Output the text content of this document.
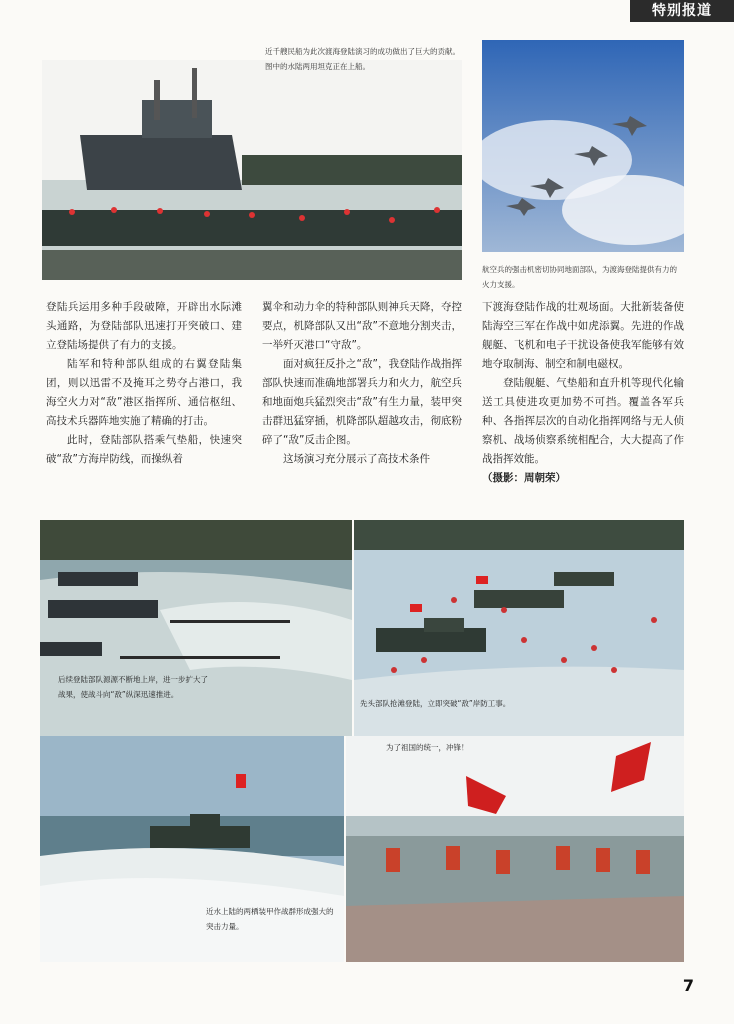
特别报道
近千艘民船为此次渡海登陆演习的成功做出了巨大的贡献。图中的水陆两用坦克正在上船。
航空兵的强击机密切协同地面部队，为渡海登陆提供有力的火力支援。

登陆兵运用多种手段破障，开辟出水际滩头通路，为登陆部队迅速打开突破口、建立登陆场提供了有力的支援。

陆军和特种部队组成的右翼登陆集团，则以迅雷不及掩耳之势夺占港口，我海空火力对“敌”港区指挥所、通信枢纽、高技术兵器阵地实施了精确的打击。

此时，登陆部队搭乘气垫船，快速突破“敌”方海岸防线，而操纵着

翼伞和动力伞的特种部队则神兵天降，夺控要点，机降部队又出“敌”不意地分割夹击，一举歼灭港口“守敌”。

面对疯狂反扑之“敌”，我登陆作战指挥部队快速而准确地部署兵力和火力，航空兵和地面炮兵猛烈突击“敌”有生力量，装甲突击群迅猛穿插，机降部队超越攻击，彻底粉碎了“敌”反击企图。

这场演习充分展示了高技术条件

下渡海登陆作战的壮观场面。大批新装备使陆海空三军在作战中如虎添翼。先进的作战舰艇、飞机和电子干扰设备使我军能够有效地夺取制海、制空和制电磁权。

登陆舰艇、气垫船和直升机等现代化输送工具使进攻更加势不可挡。覆盖各军兵种、各指挥层次的自动化指挥网络与无人侦察机、战场侦察系统相配合，大大提高了作战指挥效能。

（摄影：周朝荣）

后续登陆部队源源不断地上岸，进一步扩大了战果，使战斗向“敌”纵深迅速推进。
先头部队抢滩登陆，立即突破“敌”岸防工事。
近水上陆的两栖装甲作战群形成强大的突击力量。
为了祖国的统一，冲锋！
7
